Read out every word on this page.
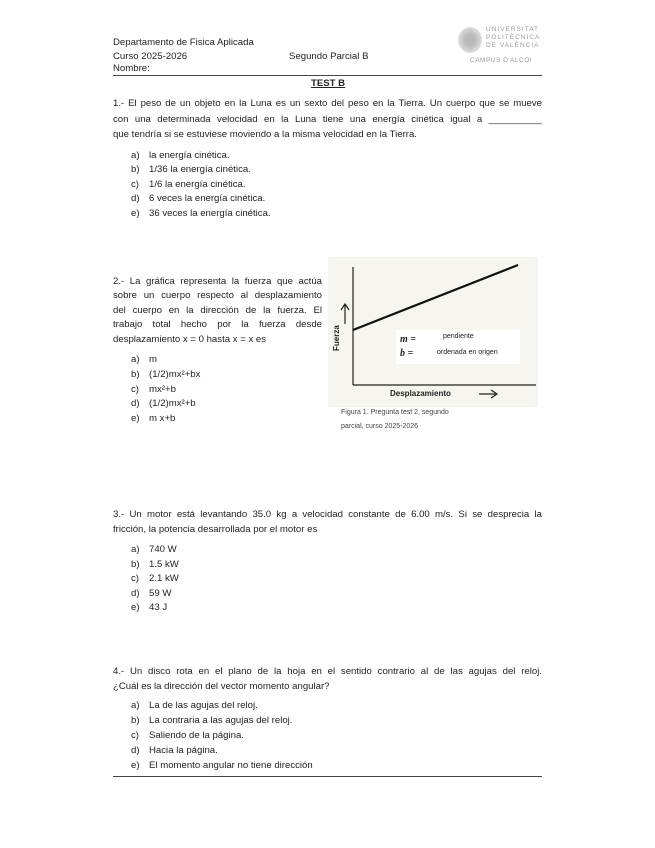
Departamento de Fisica Aplicada
Curso 2025-2026	Segundo Parcial B
Nombre:
UNIVERSITAT
POLITÈCNICA
DE VALÈNCIA
CAMPUS D'ALCOI
TEST B
1.- El peso de un objeto en la Luna es un sexto del peso en la Tierra. Un cuerpo que se mueve
con una determinada velocidad en la Luna tiene una energía cinética igual a __________
que tendría si se estuviese moviendo a la misma velocidad en la Tierra.
a) la energía cinética.
b) 1/36 la energía cinética.
c) 1/6 la energía cinética.
d) 6 veces la energía cinética.
e) 36 veces la energía cinética.
2.- La gráfica representa la fuerza que actúa
sobre un cuerpo respecto al desplazamiento
del cuerpo en la dirección de la fuerza. El
trabajo total hecho por la fuerza desde
desplazamiento x = 0 hasta x = x es
a) m
b) (1/2)mx²+bx
c) mx²+b
d) (1/2)mx²+b
e) m x+b
Fuerza
Desplazamiento
m =	pendiente
b =	ordenada en origen
Figura 1. Pregunta test 2, segundo
parcial, curso 2025-2026
3.- Un motor está levantando 35.0 kg a velocidad constante de 6.00 m/s. Si se desprecia la
fricción, la potencia desarrollada por el motor es
a) 740 W
b) 1.5 kW
c) 2.1 kW
d) 59 W
e) 43 J
4.- Un disco rota en el plano de la hoja en el sentido contrario al de las agujas del reloj.
¿Cuál es la dirección del vector momento angular?
a) La de las agujas del reloj.
b) La contraria a las agujas del reloj.
c) Saliendo de la página.
d) Hacia la página.
e) El momento angular no tiene dirección
